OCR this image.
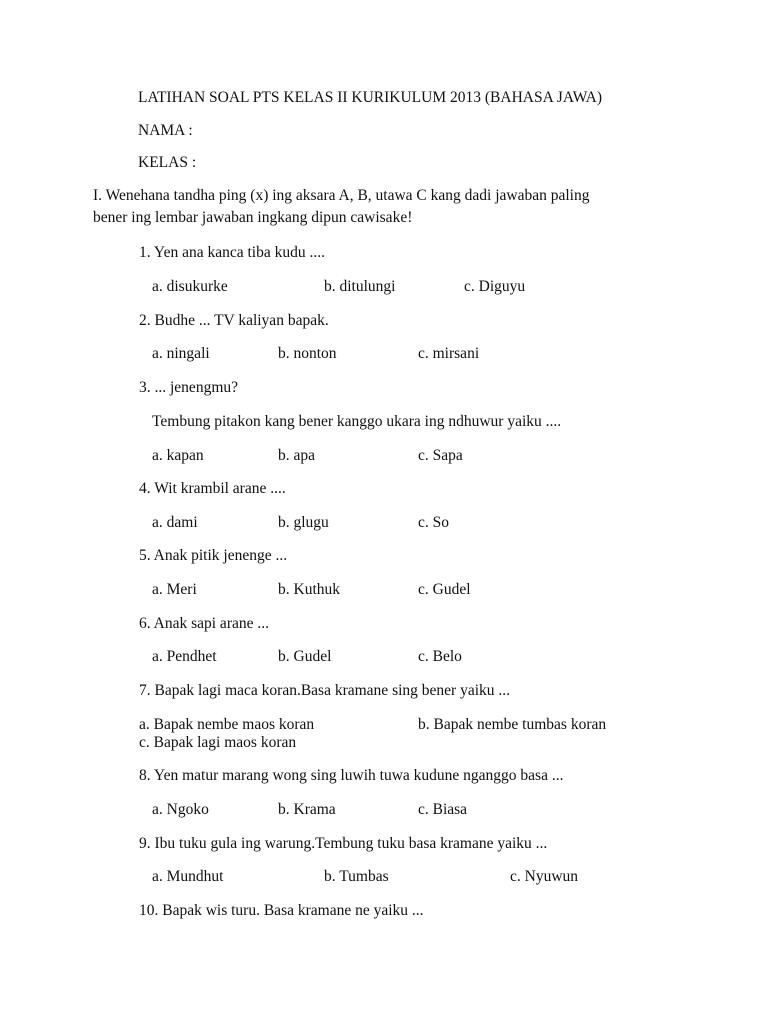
LATIHAN SOAL PTS KELAS II KURIKULUM 2013 (BAHASA JAWA)
NAMA :
KELAS :
I. Wenehana tandha ping (x) ing aksara A, B, utawa C kang dadi jawaban paling
bener ing lembar jawaban ingkang dipun cawisake!
1. Yen ana kanca tiba kudu ....
a. disukurke	b. ditulungi	c. Diguyu
2. Budhe ... TV kaliyan bapak.
a. ningali	b. nonton	c. mirsani
3. ... jenengmu?
Tembung pitakon kang bener kanggo ukara ing ndhuwur yaiku ....
a. kapan	b. apa	c. Sapa
4. Wit krambil arane ....
a. dami	b. glugu	c. So
5. Anak pitik jenenge ...
a. Meri	b. Kuthuk	c. Gudel
6. Anak sapi arane ...
a. Pendhet	b. Gudel	c. Belo
7. Bapak lagi maca koran.Basa kramane sing bener yaiku ...
a. Bapak nembe maos koran	b. Bapak nembe tumbas koran
c. Bapak lagi maos koran
8. Yen matur marang wong sing luwih tuwa kudune nganggo basa ...
a. Ngoko	b. Krama	c. Biasa
9. Ibu tuku gula ing warung.Tembung tuku basa kramane yaiku ...
a. Mundhut	b. Tumbas	c. Nyuwun
10. Bapak wis turu. Basa kramane ne yaiku ...
